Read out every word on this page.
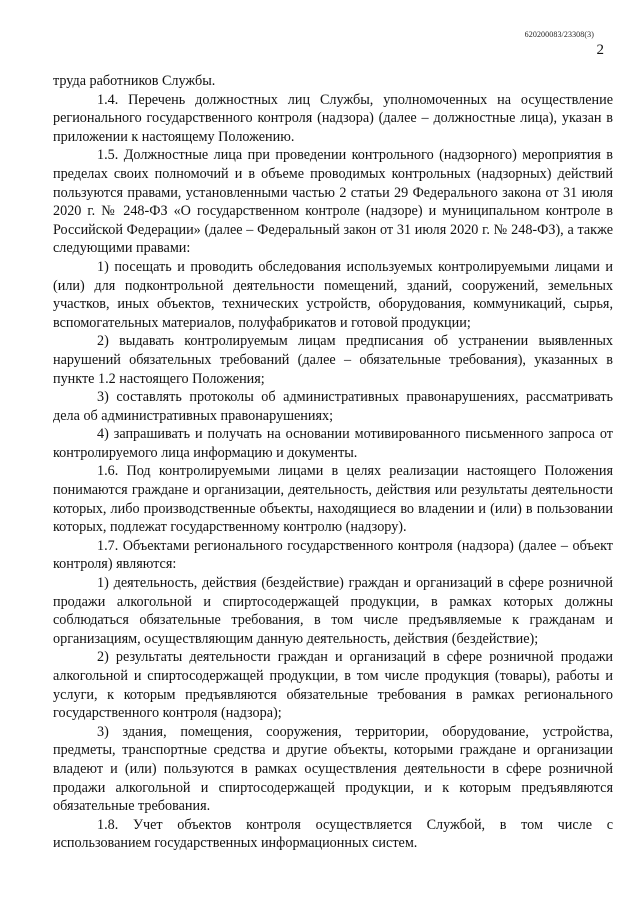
620200083/23308(3)
2

труда работников Службы.

1.4. Перечень должностных лиц Службы, уполномоченных на осуществление регионального государственного контроля (надзора) (далее – должностные лица), указан в приложении к настоящему Положению.

1.5. Должностные лица при проведении контрольного (надзорного) мероприятия в пределах своих полномочий и в объеме проводимых контрольных (надзорных) действий пользуются правами, установленными частью 2 статьи 29 Федерального закона от 31 июля 2020 г. № 248-ФЗ «О государственном контроле (надзоре) и муниципальном контроле в Российской Федерации» (далее – Федеральный закон от 31 июля 2020 г. № 248-ФЗ), а также следующими правами:

1) посещать и проводить обследования используемых контролируемыми лицами и (или) для подконтрольной деятельности помещений, зданий, сооружений, земельных участков, иных объектов, технических устройств, оборудования, коммуникаций, сырья, вспомогательных материалов, полуфабрикатов и готовой продукции;

2) выдавать контролируемым лицам предписания об устранении выявленных нарушений обязательных требований (далее – обязательные требования), указанных в пункте 1.2 настоящего Положения;

3) составлять протоколы об административных правонарушениях, рассматривать дела об административных правонарушениях;

4) запрашивать и получать на основании мотивированного письменного запроса от контролируемого лица информацию и документы.

1.6. Под контролируемыми лицами в целях реализации настоящего Положения понимаются граждане и организации, деятельность, действия или результаты деятельности которых, либо производственные объекты, находящиеся во владении и (или) в пользовании которых, подлежат государственному контролю (надзору).

1.7. Объектами регионального государственного контроля (надзора) (далее – объект контроля) являются:

1) деятельность, действия (бездействие) граждан и организаций в сфере розничной продажи алкогольной и спиртосодержащей продукции, в рамках которых должны соблюдаться обязательные требования, в том числе предъявляемые к гражданам и организациям, осуществляющим данную деятельность, действия (бездействие);

2) результаты деятельности граждан и организаций в сфере розничной продажи алкогольной и спиртосодержащей продукции, в том числе продукция (товары), работы и услуги, к которым предъявляются обязательные требования в рамках регионального государственного контроля (надзора);

3) здания, помещения, сооружения, территории, оборудование, устройства, предметы, транспортные средства и другие объекты, которыми граждане и организации владеют и (или) пользуются в рамках осуществления деятельности в сфере розничной продажи алкогольной и спиртосодержащей продукции, и к которым предъявляются обязательные требования.

1.8. Учет объектов контроля осуществляется Службой, в том числе с использованием государственных информационных систем.
